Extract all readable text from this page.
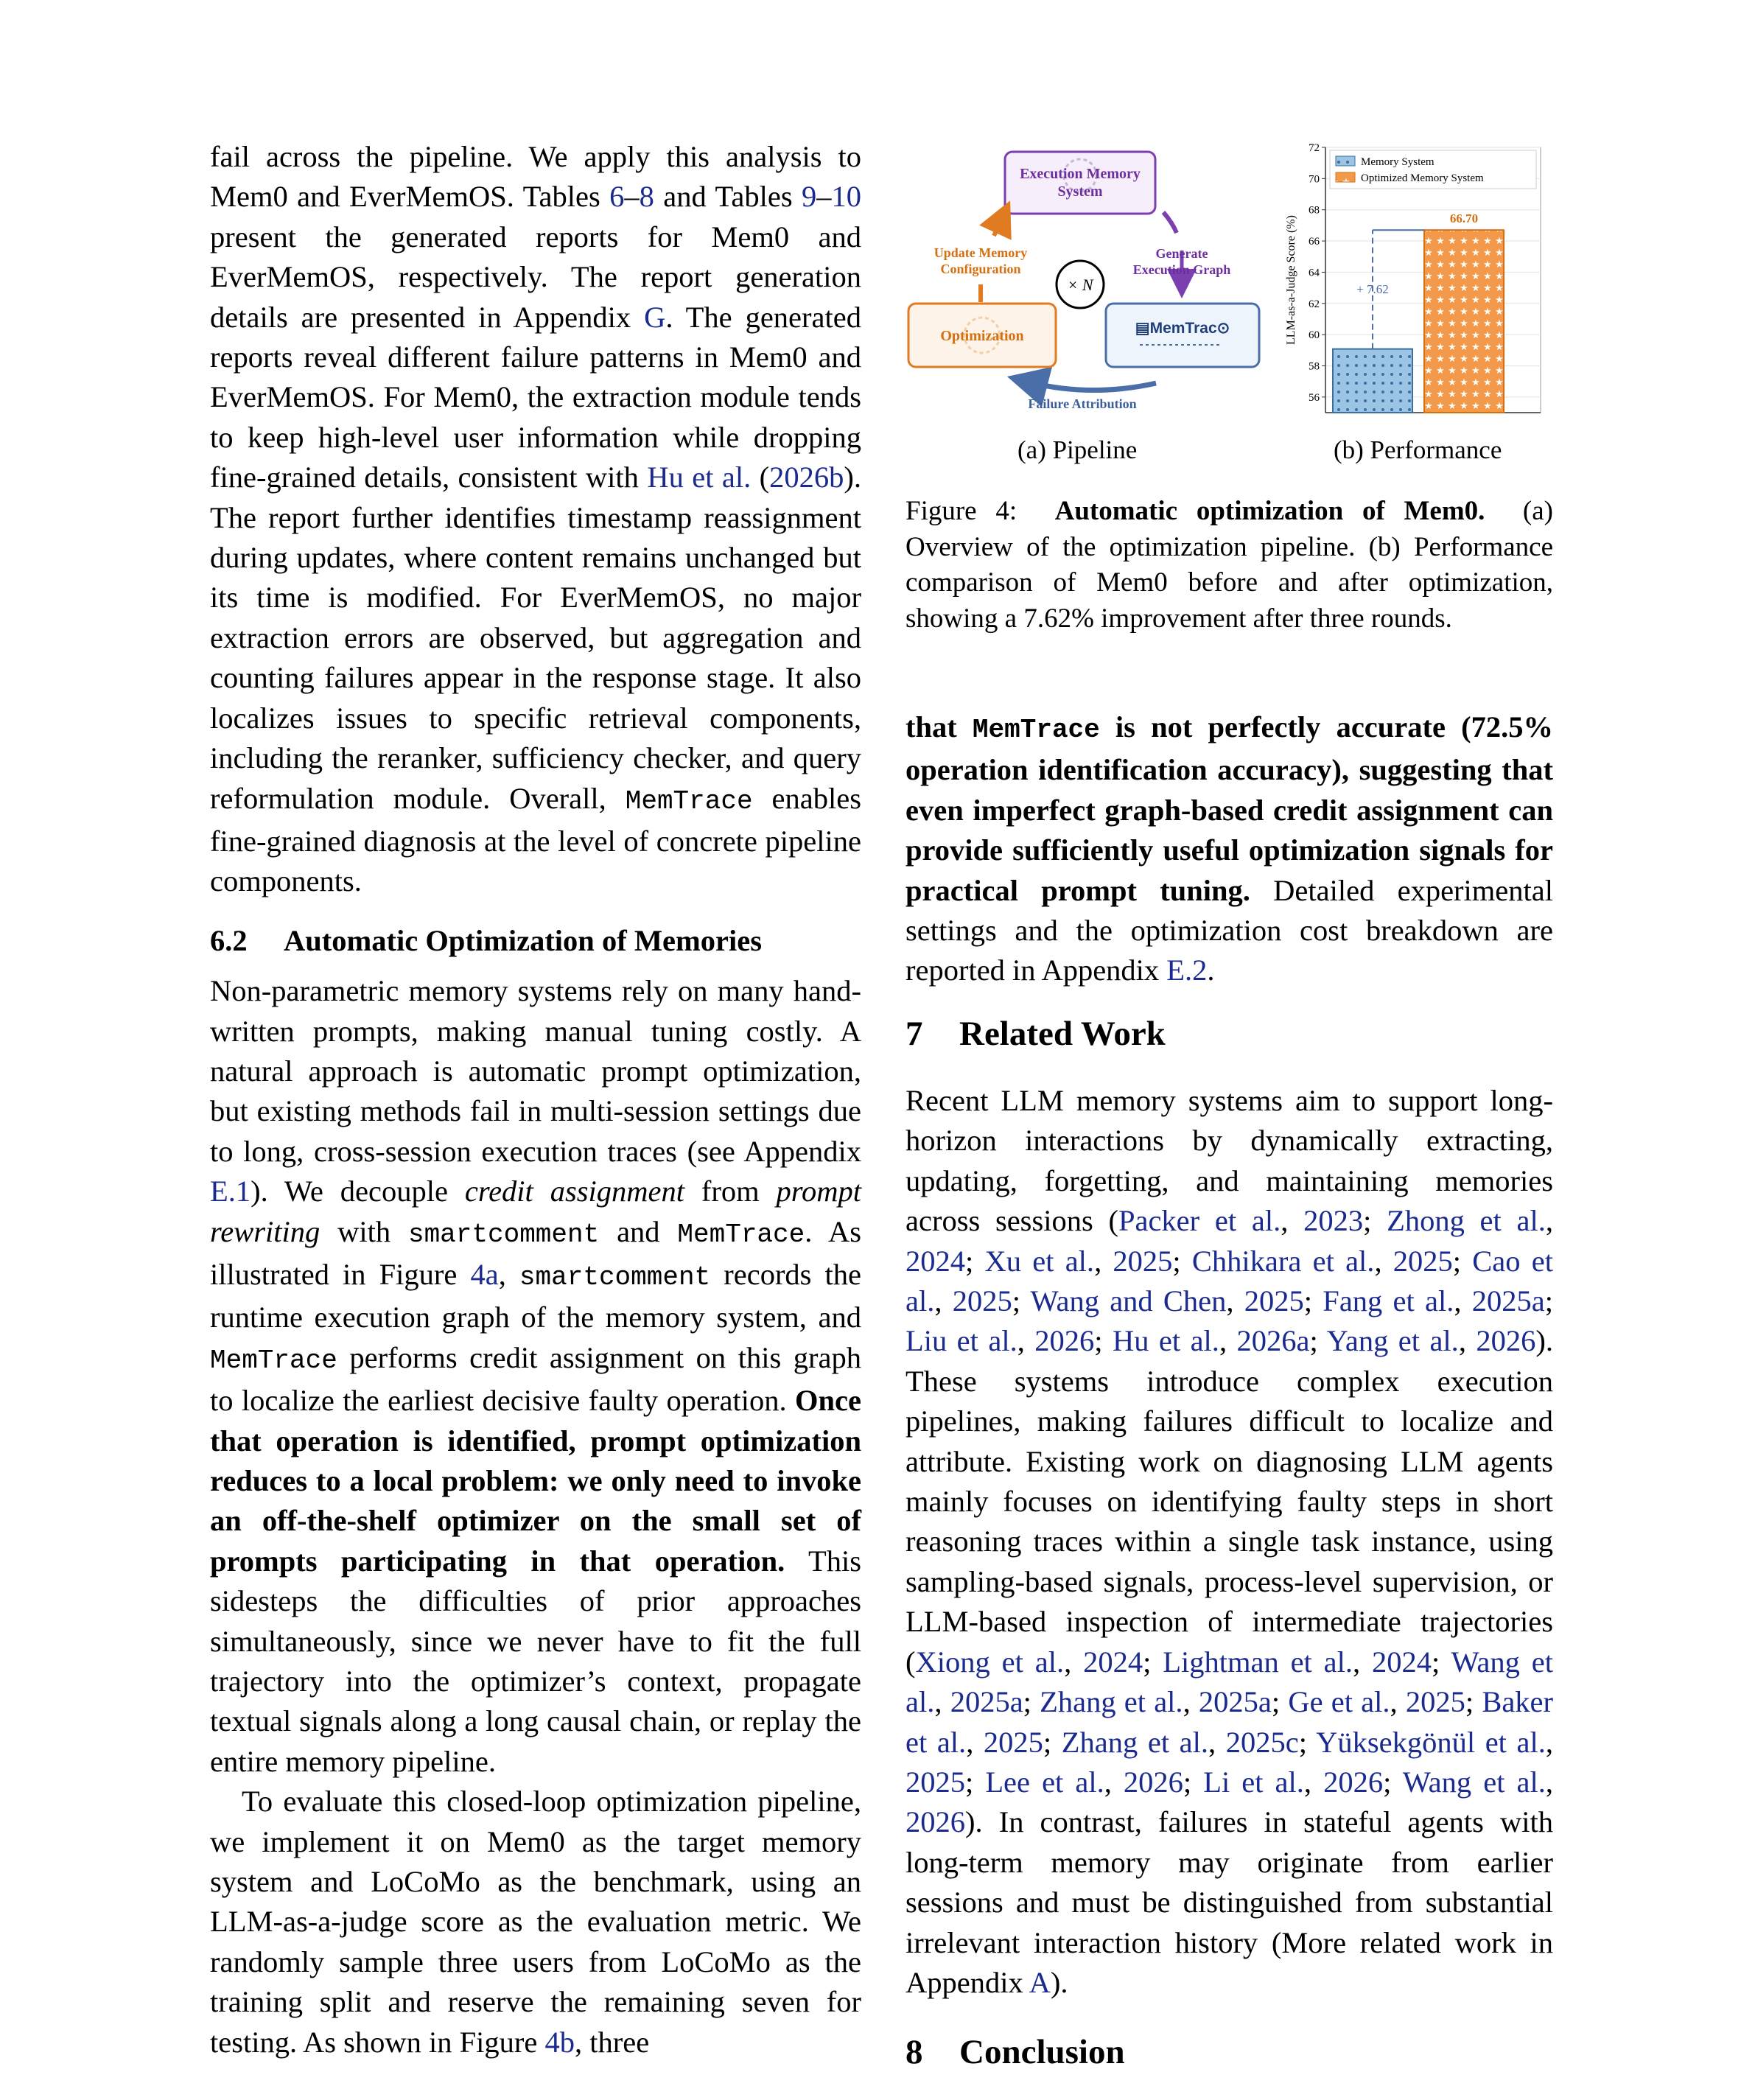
fail across the pipeline. We apply this analysis to Mem0 and EverMemOS. Tables 6–8 and Tables 9–10 present the generated reports for Mem0 and EverMemOS, respectively. The report generation details are presented in Appendix G. The generated reports reveal different failure patterns in Mem0 and EverMemOS. For Mem0, the extraction module tends to keep high-level user information while dropping fine-grained details, consistent with Hu et al. (2026b). The report further identifies timestamp reassignment during updates, where content remains unchanged but its time is modified. For EverMemOS, no major extraction errors are observed, but aggregation and counting failures appear in the response stage. It also localizes issues to specific retrieval components, including the reranker, sufficiency checker, and query reformulation module. Overall, MemTrace enables fine-grained diagnosis at the level of concrete pipeline components.

6.2 Automatic Optimization of Memories

Non-parametric memory systems rely on many hand-written prompts, making manual tuning costly. A natural approach is automatic prompt optimization, but existing methods fail in multi-session settings due to long, cross-session execution traces (see Appendix E.1). We decouple credit assignment from prompt rewriting with smartcomment and MemTrace. As illustrated in Figure 4a, smartcomment records the runtime execution graph of the memory system, and MemTrace performs credit assignment on this graph to localize the earliest decisive faulty operation. Once that operation is identified, prompt optimization reduces to a local problem: we only need to invoke an off-the-shelf optimizer on the small set of prompts participating in that operation. This sidesteps the difficulties of prior approaches simultaneously, since we never have to fit the full trajectory into the optimizer’s context, propagate textual signals along a long causal chain, or replay the entire memory pipeline.

To evaluate this closed-loop optimization pipeline, we implement it on Mem0 as the target memory system and LoCoMo as the benchmark, using an LLM-as-a-judge score as the evaluation metric. We randomly sample three users from LoCoMo as the training split and reserve the remaining seven for testing. As shown in Figure 4b, three

Execution Memory
System
Generate
Execution Graph
▤MemTrac⊙
Failure Attribution
Optimization
Update Memory
Configuration
× N
56
58
60
62
64
66
68
70
72
LLM-as-a-Judge Score (%)	66.70
+ 7.62
Memory System
Optimized Memory System
(a) Pipeline	(b) Performance
Figure 4: Automatic optimization of Mem0. (a) Overview of the optimization pipeline. (b) Performance comparison of Mem0 before and after optimization, showing a 7.62% improvement after three rounds.

that MemTrace is not perfectly accurate (72.5% operation identification accuracy), suggesting that even imperfect graph-based credit assignment can provide sufficiently useful optimization signals for practical prompt tuning. Detailed experimental settings and the optimization cost breakdown are reported in Appendix E.2.

7 Related Work

Recent LLM memory systems aim to support long-horizon interactions by dynamically extracting, updating, forgetting, and maintaining memories across sessions (Packer et al., 2023; Zhong et al., 2024; Xu et al., 2025; Chhikara et al., 2025; Cao et al., 2025; Wang and Chen, 2025; Fang et al., 2025a; Liu et al., 2026; Hu et al., 2026a; Yang et al., 2026). These systems introduce complex execution pipelines, making failures difficult to localize and attribute. Existing work on diagnosing LLM agents mainly focuses on identifying faulty steps in short reasoning traces within a single task instance, using sampling-based signals, process-level supervision, or LLM-based inspection of intermediate trajectories (Xiong et al., 2024; Lightman et al., 2024; Wang et al., 2025a; Zhang et al., 2025a; Ge et al., 2025; Baker et al., 2025; Zhang et al., 2025c; Yüksekgönül et al., 2025; Lee et al., 2026; Li et al., 2026; Wang et al., 2026). In contrast, failures in stateful agents with long-term memory may originate from earlier sessions and must be distinguished from substantial irrelevant interaction history (More related work in Appendix A).

8 Conclusion
